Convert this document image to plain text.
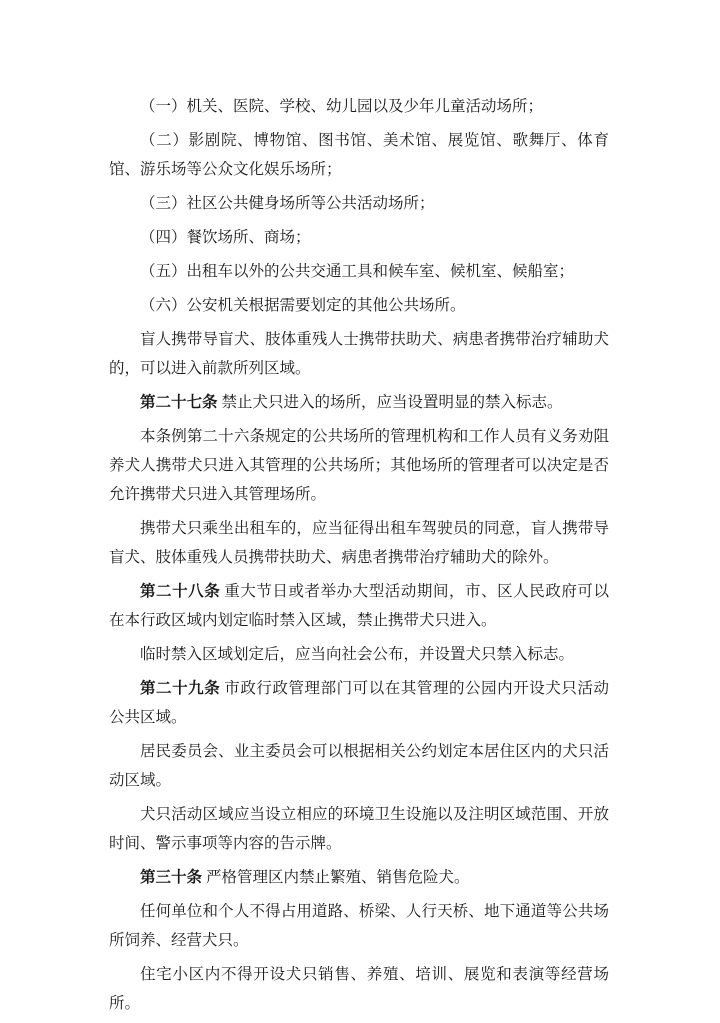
（一）机关、医院、学校、幼儿园以及少年儿童活动场所；

（二）影剧院、博物馆、图书馆、美术馆、展览馆、歌舞厅、体育馆、游乐场等公众文化娱乐场所；

（三）社区公共健身场所等公共活动场所；

（四）餐饮场所、商场；

（五）出租车以外的公共交通工具和候车室、候机室、候船室；

（六）公安机关根据需要划定的其他公共场所。

盲人携带导盲犬、肢体重残人士携带扶助犬、病患者携带治疗辅助犬的，可以进入前款所列区域。

第二十七条 禁止犬只进入的场所，应当设置明显的禁入标志。

本条例第二十六条规定的公共场所的管理机构和工作人员有义务劝阻养犬人携带犬只进入其管理的公共场所；其他场所的管理者可以决定是否允许携带犬只进入其管理场所。

携带犬只乘坐出租车的，应当征得出租车驾驶员的同意，盲人携带导盲犬、肢体重残人员携带扶助犬、病患者携带治疗辅助犬的除外。

第二十八条 重大节日或者举办大型活动期间，市、区人民政府可以在本行政区域内划定临时禁入区域，禁止携带犬只进入。

临时禁入区域划定后，应当向社会公布，并设置犬只禁入标志。

第二十九条 市政行政管理部门可以在其管理的公园内开设犬只活动公共区域。

居民委员会、业主委员会可以根据相关公约划定本居住区内的犬只活动区域。

犬只活动区域应当设立相应的环境卫生设施以及注明区域范围、开放时间、警示事项等内容的告示牌。

第三十条 严格管理区内禁止繁殖、销售危险犬。

任何单位和个人不得占用道路、桥梁、人行天桥、地下通道等公共场所饲养、经营犬只。

住宅小区内不得开设犬只销售、养殖、培训、展览和表演等经营场所。
